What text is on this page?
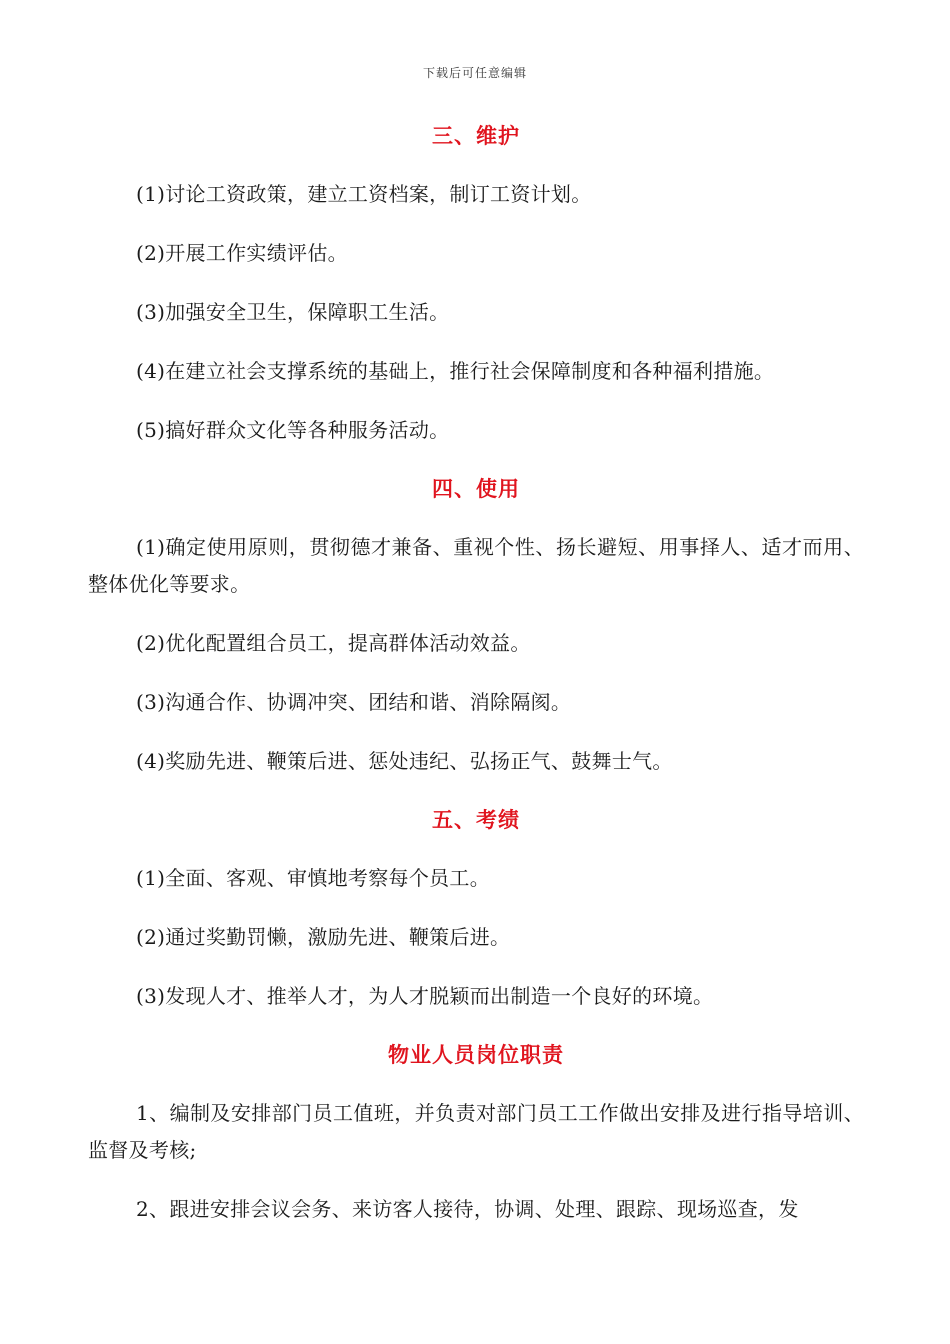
下载后可任意编辑
三、维护
(1)讨论工资政策，建立工资档案，制订工资计划。
(2)开展工作实绩评估。
(3)加强安全卫生，保障职工生活。
(4)在建立社会支撑系统的基础上，推行社会保障制度和各种福利措施。
(5)搞好群众文化等各种服务活动。
四、使用
(1)确定使用原则，贯彻德才兼备、重视个性、扬长避短、用事择人、适才而用、整体优化等要求。
(2)优化配置组合员工，提高群体活动效益。
(3)沟通合作、协调冲突、团结和谐、消除隔阂。
(4)奖励先进、鞭策后进、惩处违纪、弘扬正气、鼓舞士气。
五、考绩
(1)全面、客观、审慎地考察每个员工。
(2)通过奖勤罚懒，激励先进、鞭策后进。
(3)发现人才、推举人才，为人才脱颖而出制造一个良好的环境。
物业人员岗位职责
1、编制及安排部门员工值班，并负责对部门员工工作做出安排及进行指导培训、监督及考核;
2、跟进安排会议会务、来访客人接待，协调、处理、跟踪、现场巡查，发
